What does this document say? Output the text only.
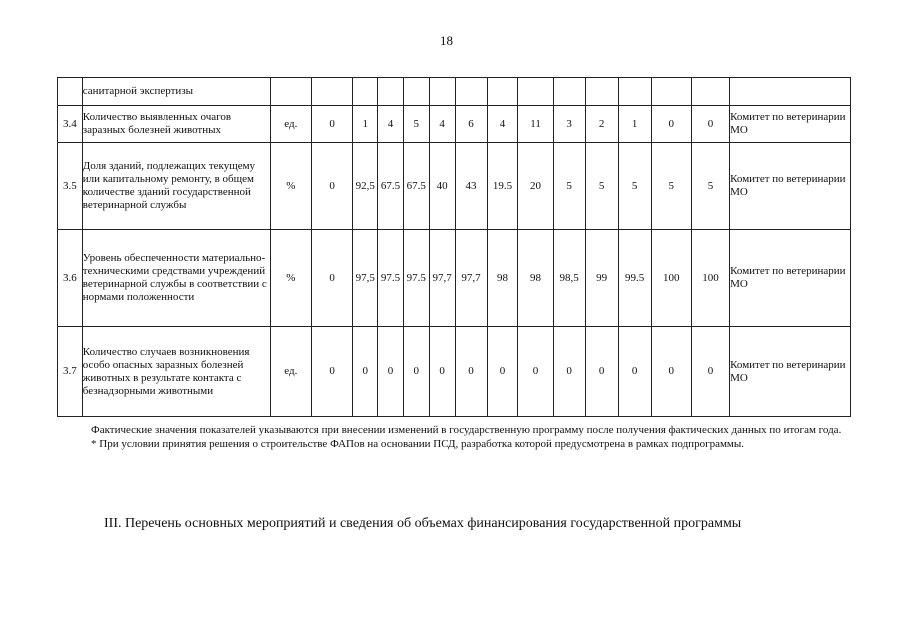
18
	санитарной экспертизы															
3.4	Количество выявленных очагов заразных болезней животных	ед.	0	1	4	5	4	6	4	11	3	2	1	0	0	Комитет по ветеринарии МО
3.5	Доля зданий, подлежащих текущему или капитальному ремонту, в общем количестве зданий государственной ветеринарной службы	%	0	92,5	67.5	67.5	40	43	19.5	20	5	5	5	5	5	Комитет по ветеринарии МО
3.6	Уровень обеспеченности материально-техническими средствами учреждений ветеринарной службы в соответствии с нормами положенности	%	0	97,5	97.5	97.5	97,7	97,7	98	98	98,5	99	99.5	100	100	Комитет по ветеринарии МО
3.7	Количество случаев возникновения особо опасных заразных болезней животных в результате контакта с безнадзорными животными	ед.	0	0	0	0	0	0	0	0	0	0	0	0	0	Комитет по ветеринарии МО

Фактические значения показателей указываются при внесении изменений в государственную программу после получения фактических данных по итогам года.

* При условии принятия решения о строительстве ФАПов на основании ПСД, разработка которой предусмотрена в рамках подпрограммы.

III. Перечень основных мероприятий и сведения об объемах финансирования государственной программы
